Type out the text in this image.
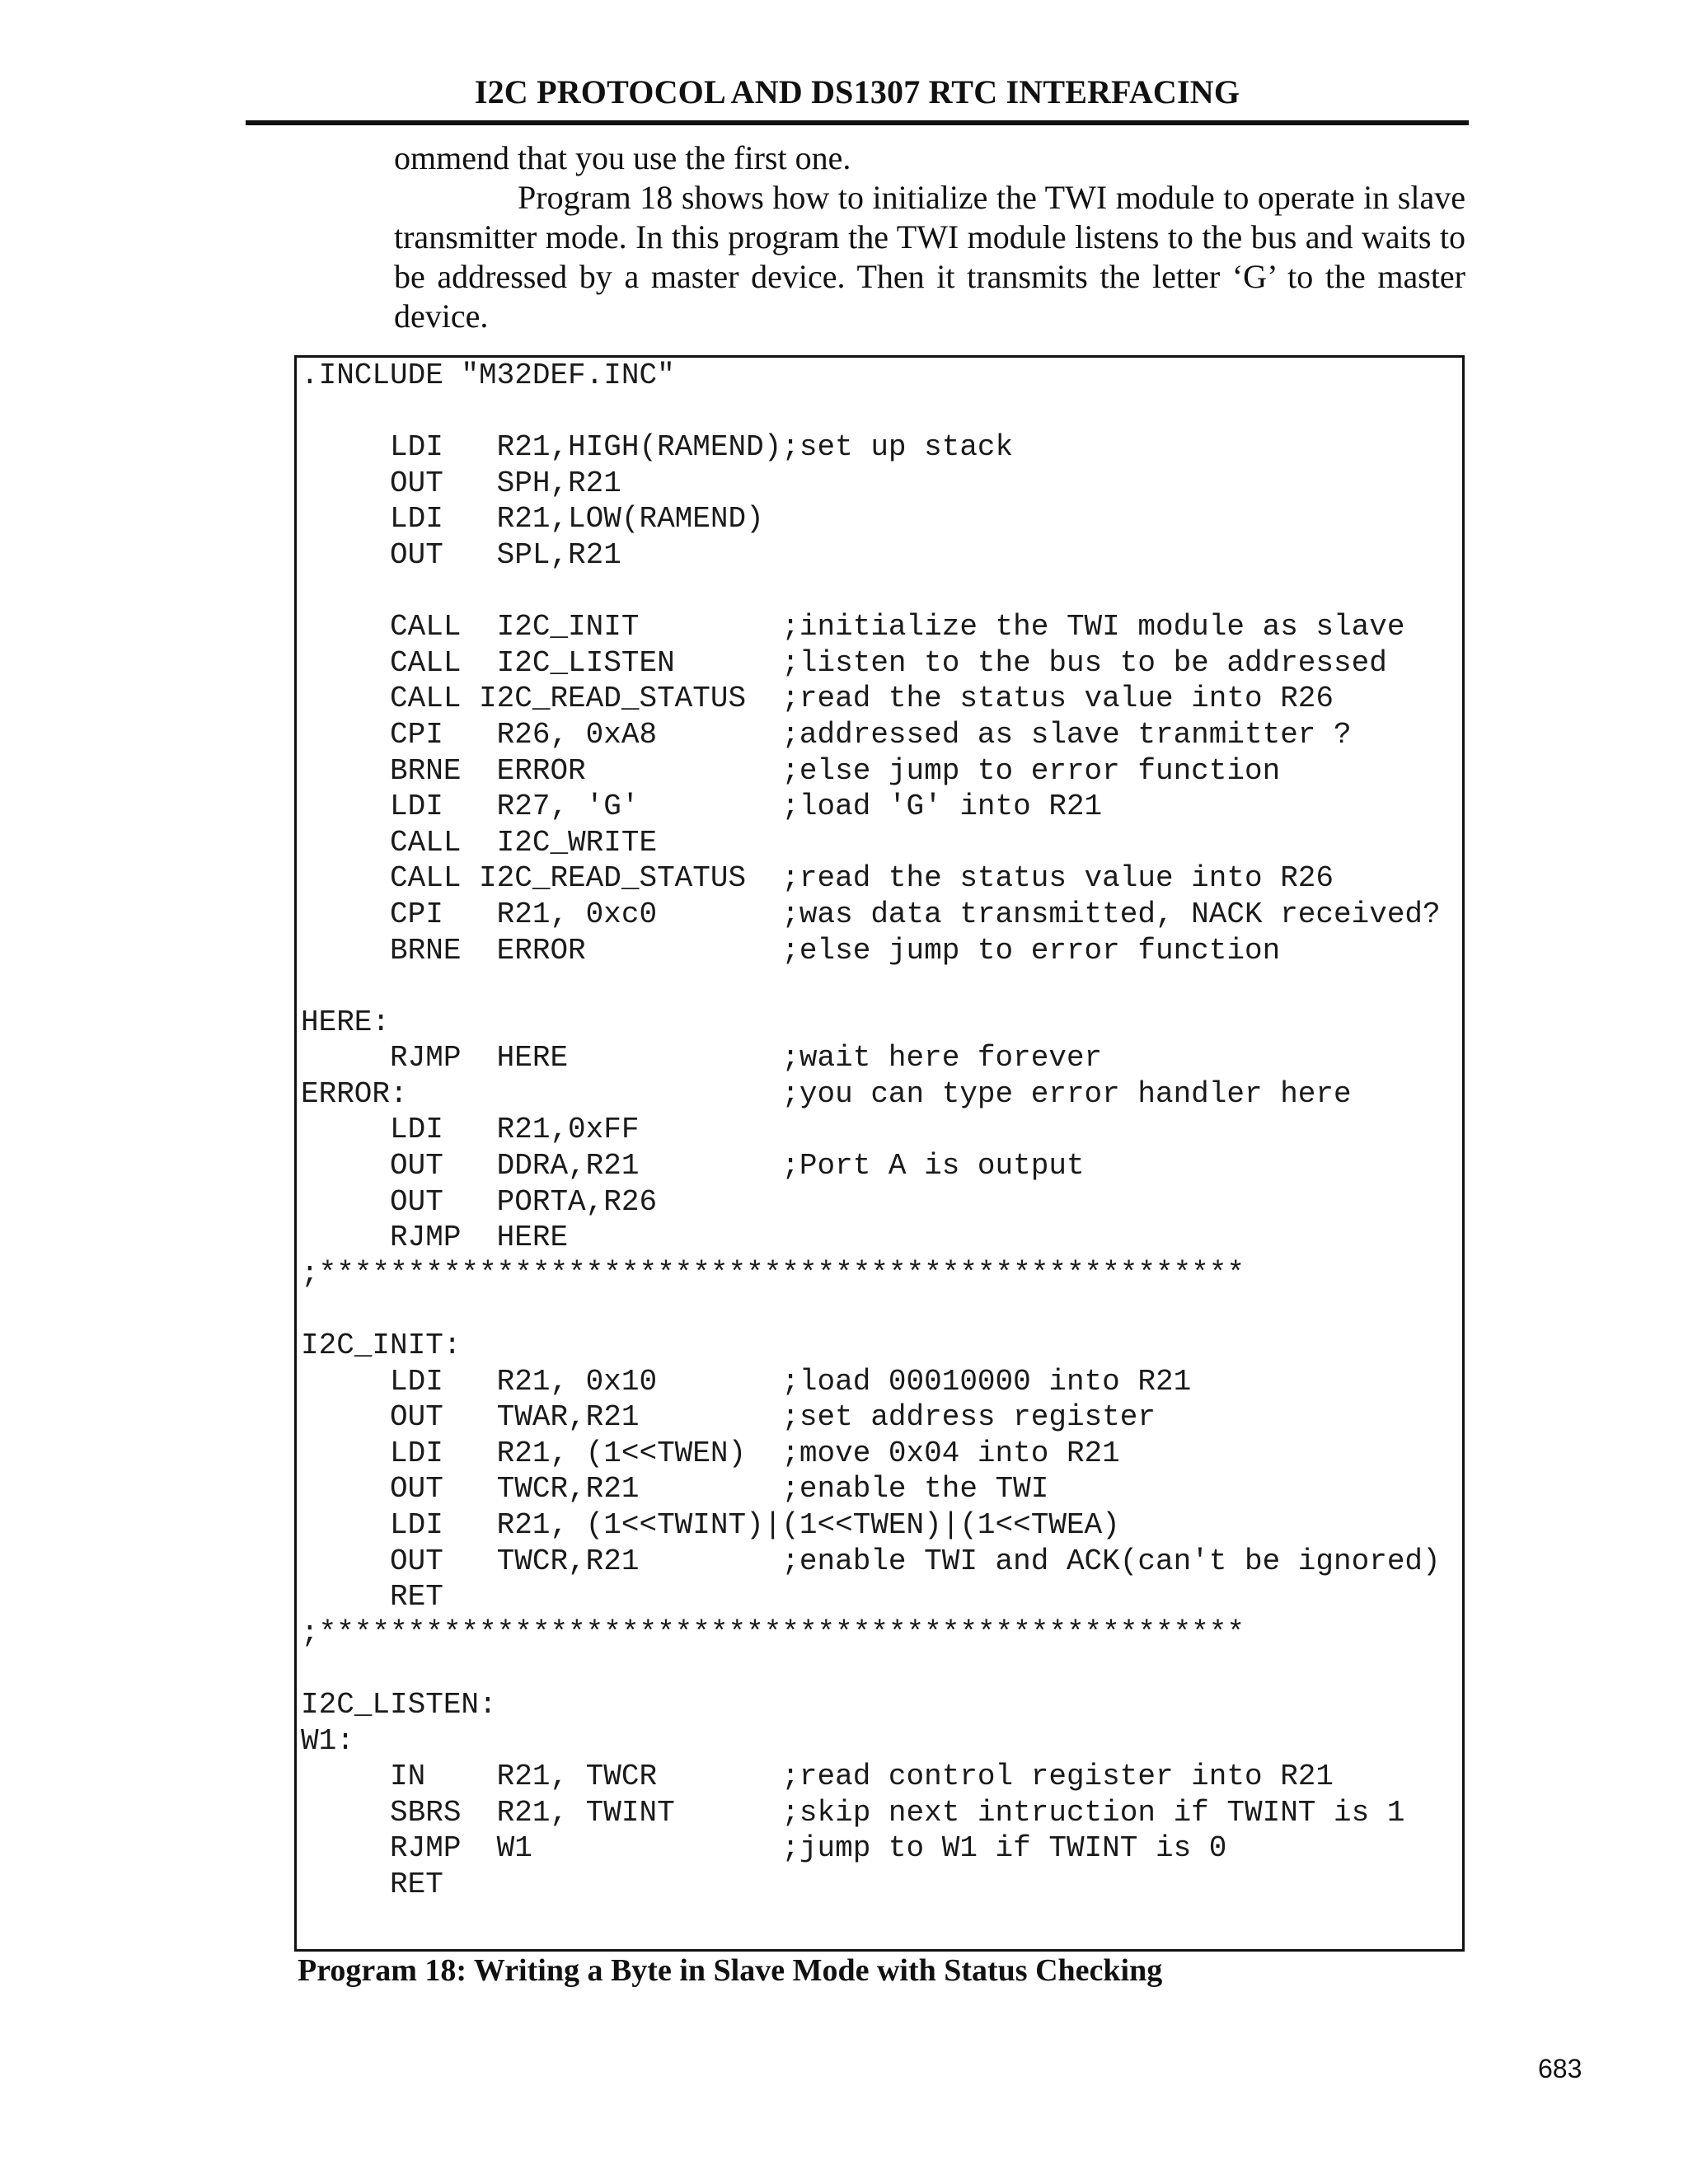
I2C PROTOCOL AND DS1307 RTC INTERFACING

ommend that you use the first one.

Program 18 shows how to initialize the TWI module to operate in slave transmitter mode. In this program the TWI module listens to the bus and waits to be addressed by a master device. Then it transmits the letter ‘G’ to the master device.

.INCLUDE "M32DEF.INC"
LDI   R21,HIGH(RAMEND);set up stack
OUT   SPH,R21
LDI   R21,LOW(RAMEND)
OUT   SPL,R21
CALL  I2C_INIT        ;initialize the TWI module as slave
CALL  I2C_LISTEN      ;listen to the bus to be addressed
CALL I2C_READ_STATUS  ;read the status value into R26
CPI   R26, 0xA8       ;addressed as slave tranmitter ?
BRNE  ERROR           ;else jump to error function
LDI   R27, 'G'        ;load 'G' into R21
CALL  I2C_WRITE
CALL I2C_READ_STATUS  ;read the status value into R26
CPI   R21, 0xc0       ;was data transmitted, NACK received?
BRNE  ERROR           ;else jump to error function
HERE:
RJMP  HERE            ;wait here forever
ERROR:                     ;you can type error handler here
LDI   R21,0xFF
OUT   DDRA,R21        ;Port A is output
OUT   PORTA,R26
RJMP  HERE
;****************************************************
I2C_INIT:
LDI   R21, 0x10       ;load 00010000 into R21
OUT   TWAR,R21        ;set address register
LDI   R21, (1<<TWEN)  ;move 0x04 into R21
OUT   TWCR,R21        ;enable the TWI
LDI   R21, (1<<TWINT)|(1<<TWEN)|(1<<TWEA)
OUT   TWCR,R21        ;enable TWI and ACK(can't be ignored)
RET
;****************************************************
I2C_LISTEN:
W1:
IN    R21, TWCR       ;read control register into R21
SBRS  R21, TWINT      ;skip next intruction if TWINT is 1
RJMP  W1              ;jump to W1 if TWINT is 0
RET
Program 18: Writing a Byte in Slave Mode with Status Checking
683
